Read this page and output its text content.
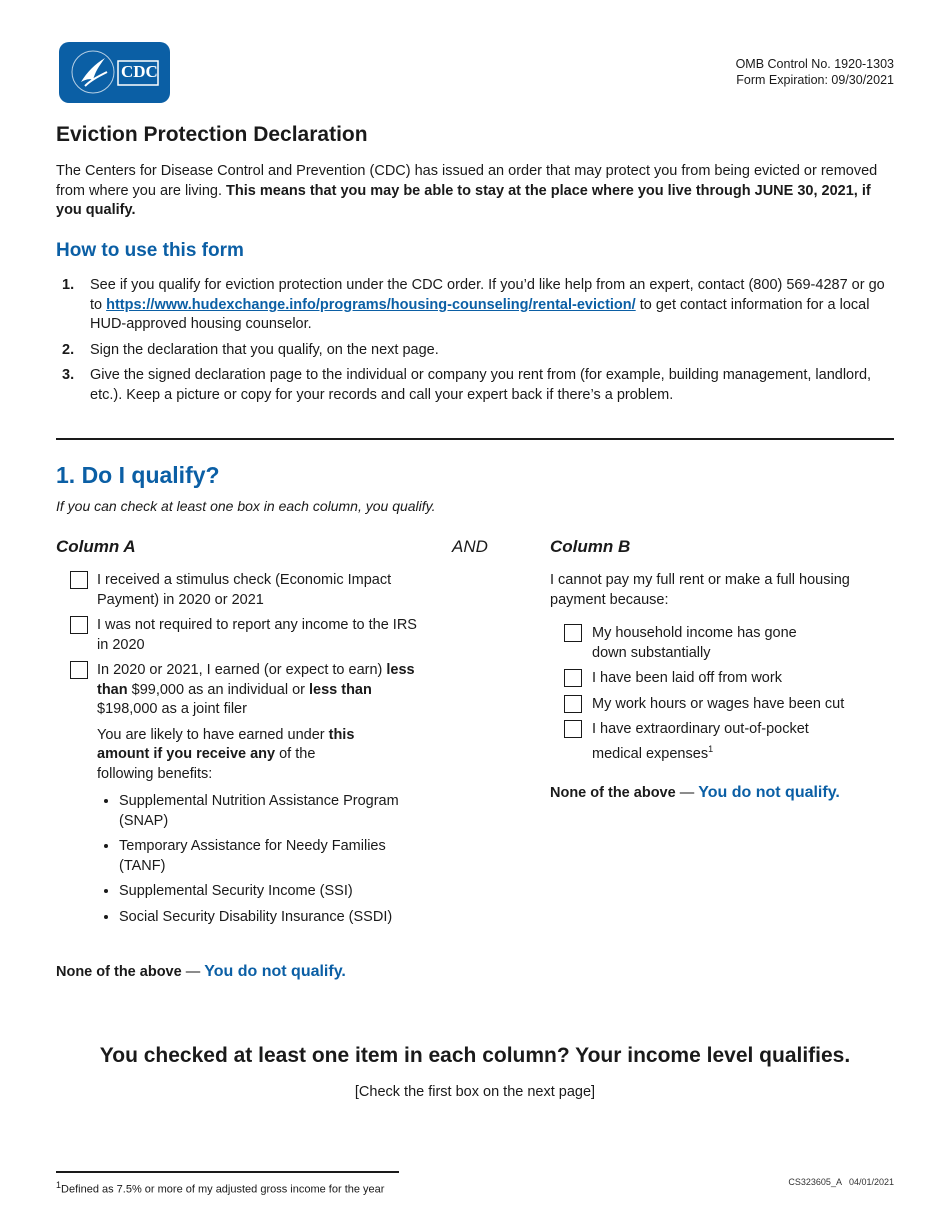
CDC	OMB Control No. 1920-1303
Form Expiration: 09/30/2021
Eviction Protection Declaration
The Centers for Disease Control and Prevention (CDC) has issued an order that may protect you from being evicted or removed from where you are living. This means that you may be able to stay at the place where you live through JUNE 30, 2021, if you qualify.
How to use this form
1. See if you qualify for eviction protection under the CDC order. If you’d like help from an expert, contact (800) 569-4287 or go to https://www.hudexchange.info/programs/housing-counseling/rental-eviction/ to get contact information for a local HUD-approved housing counselor.
2. Sign the declaration that you qualify, on the next page.
3. Give the signed declaration page to the individual or company you rent from (for example, building management, landlord, etc.). Keep a picture or copy for your records and call your expert back if there’s a problem.
1. Do I qualify?
If you can check at least one box in each column, you qualify.
Column A
I received a stimulus check (Economic Impact Payment) in 2020 or 2021
I was not required to report any income to the IRS in 2020
In 2020 or 2021, I earned (or expect to earn) less than $99,000 as an individual or less than $198,000 as a joint filer
You are likely to have earned under this amount if you receive any of the following benefits:
• Supplemental Nutrition Assistance Program (SNAP)
• Temporary Assistance for Needy Families (TANF)
• Supplemental Security Income (SSI)
• Social Security Disability Insurance (SSDI)
None of the above — You do not qualify.
AND	Column B
I cannot pay my full rent or make a full housing payment because:
My household income has gone down substantially
I have been laid off from work
My work hours or wages have been cut
I have extraordinary out-of-pocket medical expenses$^1$
None of the above — You do not qualify.
You checked at least one item in each column? Your income level qualifies.
[Check the first box on the next page]
$^1$Defined as 7.5% or more of my adjusted gross income for the year
CS323605_A   04/01/2021
